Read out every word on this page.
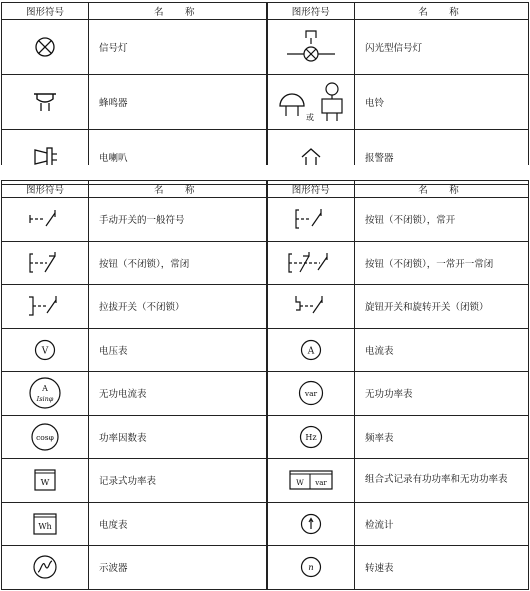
图形符号	名　称	图形符号	名　称
	信号灯		闪光型信号灯
	蜂鸣器	或	电铃
	电喇叭		报警器
图形符号	名　称	图形符号	名　称
	手动开关的一般符号		按钮（不闭锁），常开
	按钮（不闭锁），常闭		按钮（不闭锁），一常开一常闭
	拉拔开关（不闭锁）		旋钮开关和旋转开关（闭锁）

V	电压表	A	电流表

A
Isinφ	无功电流表	var	无功功率表

cosφ	功率因数表	Hz	频率表

W	记录式功率表	W var	组合式记录有功功率和无功功率表

Wh	电度表		检流计
	示波器	n	转速表
